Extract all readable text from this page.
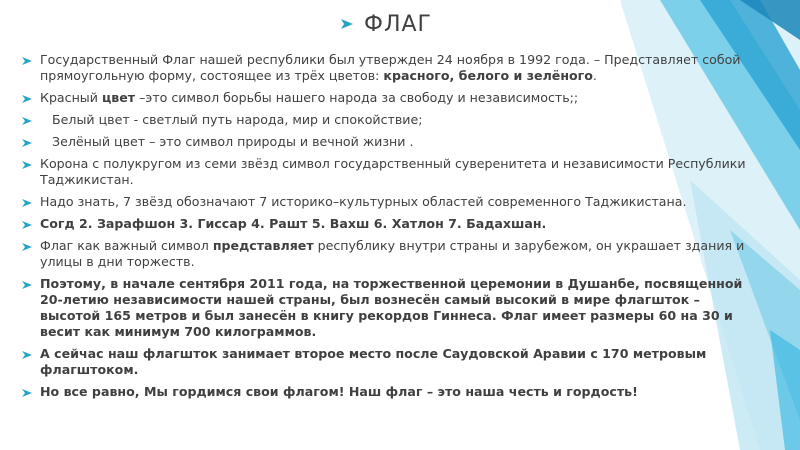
ФЛАГ
Государственный Флаг нашей республики был утвержден 24 ноября в 1992 года. – Представляет собой прямоугольную форму, состоящее из трёх цветов: красного, белого и зелёного.
Красный цвет –это символ борьбы нашего народа за свободу и независимость;;
Белый цвет - светлый путь народа, мир и спокойствие;
Зелёный цвет – это символ природы и вечной жизни .
Корона с полукругом из семи звёзд символ государственный суверенитета и независимости Республики Таджикистан.
Надо знать, 7 звёзд обозначают 7 историко–культурных областей современного Таджикистана.
Согд 2. Зарафшон 3. Гиссар 4. Рашт 5. Вахш 6. Хатлон 7. Бадахшан.
Флаг как важный символ представляет республику внутри страны и зарубежом, он украшает здания и улицы в дни торжеств.
Поэтому, в начале сентября 2011 года, на торжественной церемонии в Душанбе, посвященной 20-летию независимости нашей страны, был вознесён самый высокий в мире флагшток – высотой 165 метров и был занесён в книгу рекордов Гиннеса. Флаг имеет размеры 60 на 30 и весит как минимум 700 килограммов.
А сейчас наш флагшток занимает второе место после Саудовской Аравии с 170 метровым флагштоком.
Но все равно, Мы гордимся свои флагом! Наш флаг – это наша честь и гордость!
